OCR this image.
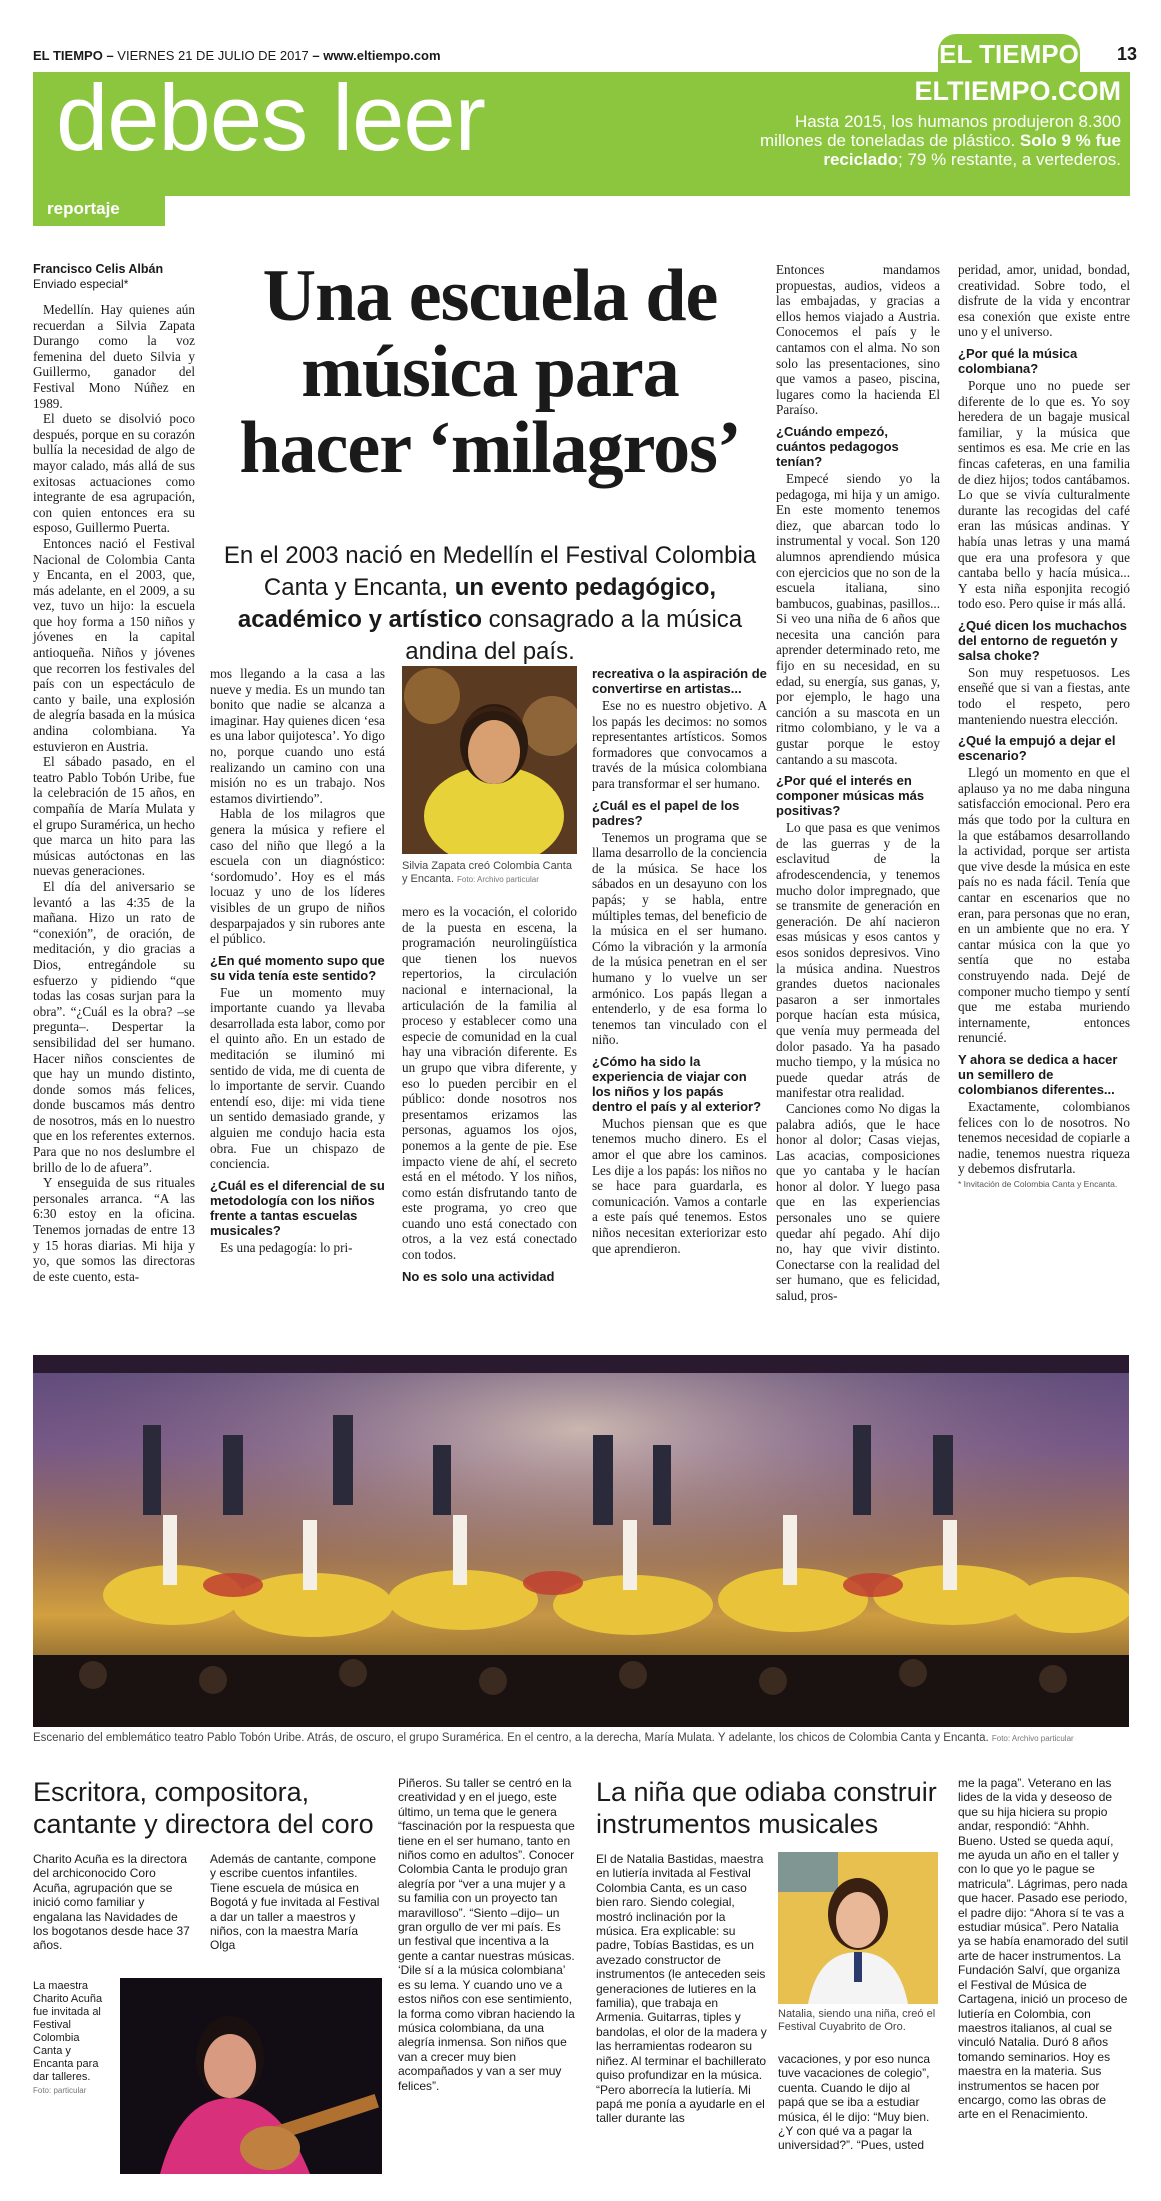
EL TIEMPO – VIERNES 21 DE JULIO DE 2017 – www.eltiempo.com	EL TIEMPO 13
debes leer	ELTIEMPO.COM
Hasta 2015, los humanos produjeron 8.300 millones de toneladas de plástico. Solo 9 % fue reciclado; 79 % restante, a vertederos.
reportaje
Francisco Celis Albán
Enviado especial*

Medellín. Hay quienes aún recuerdan a Silvia Zapata Durango como la voz femenina del dueto Silvia y Guillermo, ganador del Festival Mono Núñez en 1989.

El dueto se disolvió poco después, porque en su corazón bullía la necesidad de algo de mayor calado, más allá de sus exitosas actuaciones como integrante de esa agrupación, con quien entonces era su esposo, Guillermo Puerta.

Entonces nació el Festival Nacional de Colombia Canta y Encanta, en el 2003, que, más adelante, en el 2009, a su vez, tuvo un hijo: la escuela que hoy forma a 150 niños y jóvenes en la capital antioqueña. Niños y jóvenes que recorren los festivales del país con un espectáculo de canto y baile, una explosión de alegría basada en la música andina colombiana. Ya estuvieron en Austria.

El sábado pasado, en el teatro Pablo Tobón Uribe, fue la celebración de 15 años, en compañía de María Mulata y el grupo Suramérica, un hecho que marca un hito para las músicas autóctonas en las nuevas generaciones.

El día del aniversario se levantó a las 4:35 de la mañana. Hizo un rato de “conexión”, de oración, de meditación, y dio gracias a Dios, entregándole su esfuerzo y pidiendo “que todas las cosas surjan para la obra”. “¿Cuál es la obra? –se pregunta–. Despertar la sensibilidad del ser humano. Hacer niños conscientes de que hay un mundo distinto, donde somos más felices, donde buscamos más dentro de nosotros, más en lo nuestro que en los referentes externos. Para que no nos deslumbre el brillo de lo de afuera”.

Y enseguida de sus rituales personales arranca. “A las 6:30 estoy en la oficina. Tenemos jornadas de entre 13 y 15 horas diarias. Mi hija y yo, que somos las directoras de este cuento, esta-

Una escuela de música para hacer ‘milagros’
En el 2003 nació en Medellín el Festival Colombia Canta y Encanta, un evento pedagógico, académico y artístico consagrado a la música andina del país.

mos llegando a la casa a las nueve y media. Es un mundo tan bonito que nadie se alcanza a imaginar. Hay quienes dicen ‘esa es una labor quijotesca’. Yo digo no, porque cuando uno está realizando un camino con una misión no es un trabajo. Nos estamos divirtiendo”.

Habla de los milagros que genera la música y refiere el caso del niño que llegó a la escuela con un diagnóstico: ‘sordomudo’. Hoy es el más locuaz y uno de los líderes visibles de un grupo de niños desparpajados y sin rubores ante el público.

¿En qué momento supo que su vida tenía este sentido?

Fue un momento muy importante cuando ya llevaba desarrollada esta labor, como por el quinto año. En un estado de meditación se iluminó mi sentido de vida, me di cuenta de lo importante de servir. Cuando entendí eso, dije: mi vida tiene un sentido demasiado grande, y alguien me condujo hacia esta obra. Fue un chispazo de conciencia.

¿Cuál es el diferencial de su metodología con los niños frente a tantas escuelas musicales?

Es una pedagogía: lo pri-

Silvia Zapata creó Colombia Canta y Encanta. Foto: Archivo particular

mero es la vocación, el colorido de la puesta en escena, la programación neurolingüística que tienen los nuevos repertorios, la circulación nacional e internacional, la articulación de la familia al proceso y establecer como una especie de comunidad en la cual hay una vibración diferente. Es un grupo que vibra diferente, y eso lo pueden percibir en el público: donde nosotros nos presentamos erizamos las personas, aguamos los ojos, ponemos a la gente de pie. Ese impacto viene de ahí, el secreto está en el método. Y los niños, como están disfrutando tanto de este programa, yo creo que cuando uno está conectado con otros, a la vez está conectado con todos.

No es solo una actividad
recreativa o la aspiración de convertirse en artistas...

Ese no es nuestro objetivo. A los papás les decimos: no somos representantes artísticos. Somos formadores que convocamos a través de la música colombiana para transformar el ser humano.

¿Cuál es el papel de los padres?

Tenemos un programa que se llama desarrollo de la conciencia de la música. Se hace los sábados en un desayuno con los papás; y se habla, entre múltiples temas, del beneficio de la música en el ser humano. Cómo la vibración y la armonía de la música penetran en el ser humano y lo vuelve un ser armónico. Los papás llegan a entenderlo, y de esa forma lo tenemos tan vinculado con el niño.

¿Cómo ha sido la experiencia de viajar con los niños y los papás dentro el país y al exterior?

Muchos piensan que es que tenemos mucho dinero. Es el amor el que abre los caminos. Les dije a los papás: los niños no se hace para guardarla, es comunicación. Vamos a contarle a este país qué tenemos. Estos niños necesitan exteriorizar esto que aprendieron.

Entonces mandamos propuestas, audios, videos a las embajadas, y gracias a ellos hemos viajado a Austria. Conocemos el país y le cantamos con el alma. No son solo las presentaciones, sino que vamos a paseo, piscina, lugares como la hacienda El Paraíso.

¿Cuándo empezó, cuántos pedagogos tenían?

Empecé siendo yo la pedagoga, mi hija y un amigo. En este momento tenemos diez, que abarcan todo lo instrumental y vocal. Son 120 alumnos aprendiendo música con ejercicios que no son de la escuela italiana, sino bambucos, guabinas, pasillos... Si veo una niña de 6 años que necesita una canción para aprender determinado reto, me fijo en su necesidad, en su edad, su energía, sus ganas, y, por ejemplo, le hago una canción a su mascota en un ritmo colombiano, y le va a gustar porque le estoy cantando a su mascota.

¿Por qué el interés en componer músicas más positivas?

Lo que pasa es que venimos de las guerras y de la esclavitud de la afrodescendencia, y tenemos mucho dolor impregnado, que se transmite de generación en generación. De ahí nacieron esas músicas y esos cantos y esos sonidos depresivos. Vino la música andina. Nuestros grandes duetos nacionales pasaron a ser inmortales porque hacían esta música, que venía muy permeada del dolor pasado. Ya ha pasado mucho tiempo, y la música no puede quedar atrás de manifestar otra realidad.

Canciones como No digas la palabra adiós, que le hace honor al dolor; Casas viejas, Las acacias, composiciones que yo cantaba y le hacían honor al dolor. Y luego pasa que en las experiencias personales uno se quiere quedar ahí pegado. Ahí dijo no, hay que vivir distinto. Conectarse con la realidad del ser humano, que es felicidad, salud, pros-

peridad, amor, unidad, bondad, creatividad. Sobre todo, el disfrute de la vida y encontrar esa conexión que existe entre uno y el universo.

¿Por qué la música colombiana?

Porque uno no puede ser diferente de lo que es. Yo soy heredera de un bagaje musical familiar, y la música que sentimos es esa. Me crie en las fincas cafeteras, en una familia de diez hijos; todos cantábamos. Lo que se vivía culturalmente durante las recogidas del café eran las músicas andinas. Y había unas letras y una mamá que era una profesora y que cantaba bello y hacía música... Y esta niña esponjita recogió todo eso. Pero quise ir más allá.

¿Qué dicen los muchachos del entorno de reguetón y salsa choke?

Son muy respetuosos. Les enseñé que si van a fiestas, ante todo el respeto, pero manteniendo nuestra elección.

¿Qué la empujó a dejar el escenario?

Llegó un momento en que el aplauso ya no me daba ninguna satisfacción emocional. Pero era más que todo por la cultura en la que estábamos desarrollando la actividad, porque ser artista que vive desde la música en este país no es nada fácil. Tenía que cantar en escenarios que no eran, para personas que no eran, en un ambiente que no era. Y cantar música con la que yo sentía que no estaba construyendo nada. Dejé de componer mucho tiempo y sentí que me estaba muriendo internamente, entonces renuncié.

Y ahora se dedica a hacer un semillero de colombianos diferentes...

Exactamente, colombianos felices con lo de nosotros. No tenemos necesidad de copiarle a nadie, tenemos nuestra riqueza y debemos disfrutarla.

* Invitación de Colombia Canta y Encanta.
Escenario del emblemático teatro Pablo Tobón Uribe. Atrás, de oscuro, el grupo Suramérica. En el centro, a la derecha, María Mulata. Y adelante, los chicos de Colombia Canta y Encanta. Foto: Archivo particular
Escritora, compositora, cantante y directora del coro

Charito Acuña es la directora del archiconocido Coro Acuña, agrupación que se inició como familiar y engalana las Navidades de los bogotanos desde hace 37 años.

La maestra Charito Acuña fue invitada al Festival Colombia Canta y Encanta para dar talleres.

Foto: particular

Además de cantante, compone y escribe cuentos infantiles. Tiene escuela de música en Bogotá y fue invitada al Festival a dar un taller a maestros y niños, con la maestra María Olga

Piñeros. Su taller se centró en la creatividad y en el juego, este último, un tema que le genera “fascinación por la respuesta que tiene en el ser humano, tanto en niños como en adultos”. Conocer Colombia Canta le produjo gran alegría por “ver a una mujer y a su familia con un proyecto tan maravilloso”. “Siento –dijo– un gran orgullo de ver mi país. Es un festival que incentiva a la gente a cantar nuestras músicas. ‘Dile sí a la música colombiana’ es su lema. Y cuando uno ve a estos niños con ese sentimiento, la forma como vibran haciendo la música colombiana, da una alegría inmensa. Son niños que van a crecer muy bien acompañados y van a ser muy felices”.

La niña que odiaba construir instrumentos musicales

El de Natalia Bastidas, maestra en lutiería invitada al Festival Colombia Canta, es un caso bien raro. Siendo colegial, mostró inclinación por la música. Era explicable: su padre, Tobías Bastidas, es un avezado constructor de instrumentos (le anteceden seis generaciones de lutieres en la familia), que trabaja en Armenia. Guitarras, tiples y bandolas, el olor de la madera y las herramientas rodearon su niñez. Al terminar el bachillerato quiso profundizar en la música. “Pero aborrecía la lutiería. Mi papá me ponía a ayudarle en el taller durante las

Natalia, siendo una niña, creó el Festival Cuyabrito de Oro.

vacaciones, y por eso nunca tuve vacaciones de colegio”, cuenta. Cuando le dijo al papá que se iba a estudiar música, él le dijo: “Muy bien. ¿Y con qué va a pagar la universidad?”. “Pues, usted

me la paga”. Veterano en las lides de la vida y deseoso de que su hija hiciera su propio andar, respondió: “Ahhh. Bueno. Usted se queda aquí, me ayuda un año en el taller y con lo que yo le pague se matricula”. Lágrimas, pero nada que hacer. Pasado ese periodo, el padre dijo: “Ahora sí te vas a estudiar música”. Pero Natalia ya se había enamorado del sutil arte de hacer instrumentos. La Fundación Salví, que organiza el Festival de Música de Cartagena, inició un proceso de lutiería en Colombia, con maestros italianos, al cual se vinculó Natalia. Duró 8 años tomando seminarios. Hoy es maestra en la materia. Sus instrumentos se hacen por encargo, como las obras de arte en el Renacimiento.
